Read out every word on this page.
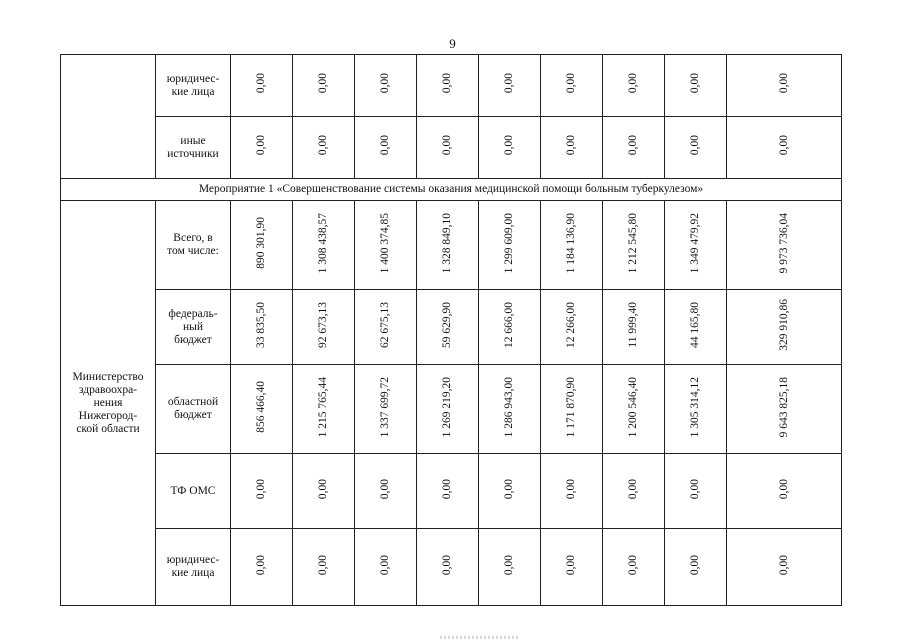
9
	юридичес-
кие лица	0,00	0,00	0,00	0,00	0,00	0,00	0,00	0,00	0,00
	иные
источники	0,00	0,00	0,00	0,00	0,00	0,00	0,00	0,00	0,00
Мероприятие 1 «Совершенствование системы оказания медицинской помощи больным туберкулезом»										
Министерство
здравоохра-
нения
Нижегород-
ской области	Всего, в
том числе:	890 301,90	1 308 438,57	1 400 374,85	1 328 849,10	1 299 609,00	1 184 136,90	1 212 545,80	1 349 479,92	9 973 736,04
	федераль-
ный
бюджет	33 835,50	92 673,13	62 675,13	59 629,90	12 666,00	12 266,00	11 999,40	44 165,80	329 910,86
	областной
бюджет	856 466,40	1 215 765,44	1 337 699,72	1 269 219,20	1 286 943,00	1 171 870,90	1 200 546,40	1 305 314,12	9 643 825,18
	ТФ ОМС	0,00	0,00	0,00	0,00	0,00	0,00	0,00	0,00	0,00
	юридичес-
кие лица	0,00	0,00	0,00	0,00	0,00	0,00	0,00	0,00	0,00
